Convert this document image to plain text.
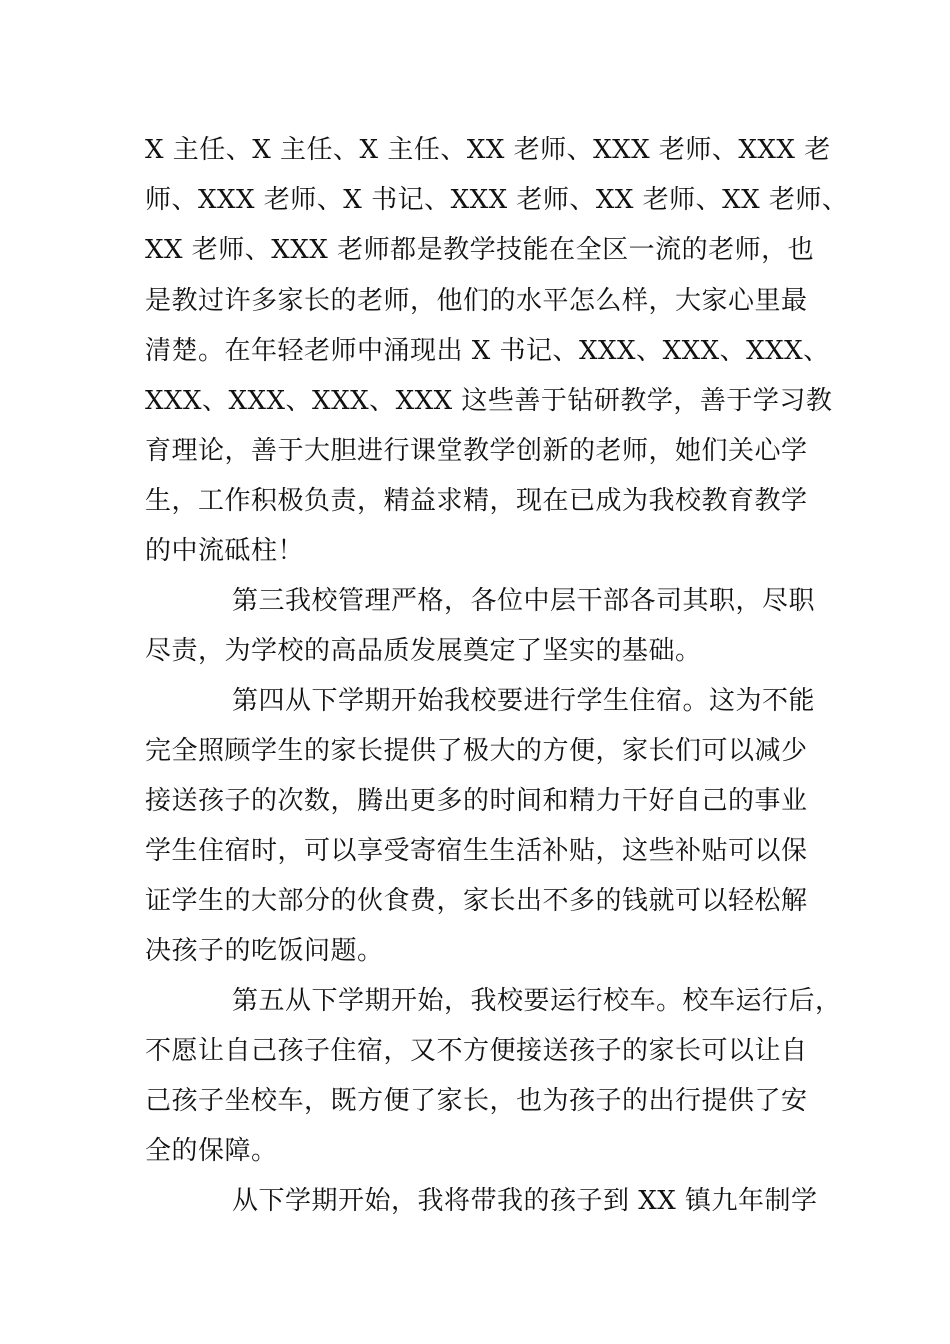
X 主任、X 主任、X 主任、XX 老师、XXX 老师、XXX 老
师、XXX 老师、X 书记、XXX 老师、XX 老师、XX 老师、
XX 老师、XXX 老师都是教学技能在全区一流的老师，也
是教过许多家长的老师，他们的水平怎么样，大家心里最
清楚。在年轻老师中涌现出 X 书记、XXX、XXX、XXX、
XXX、XXX、XXX、XXX 这些善于钻研教学，善于学习教
育理论，善于大胆进行课堂教学创新的老师，她们关心学
生，工作积极负责，精益求精，现在已成为我校教育教学
的中流砥柱！
第三我校管理严格，各位中层干部各司其职，尽职
尽责，为学校的高品质发展奠定了坚实的基础。
第四从下学期开始我校要进行学生住宿。这为不能
完全照顾学生的家长提供了极大的方便，家长们可以减少
接送孩子的次数，腾出更多的时间和精力干好自己的事业
学生住宿时，可以享受寄宿生生活补贴，这些补贴可以保
证学生的大部分的伙食费，家长出不多的钱就可以轻松解
决孩子的吃饭问题。
第五从下学期开始，我校要运行校车。校车运行后，
不愿让自己孩子住宿，又不方便接送孩子的家长可以让自
己孩子坐校车，既方便了家长，也为孩子的出行提供了安
全的保障。
从下学期开始，我将带我的孩子到 XX 镇九年制学
